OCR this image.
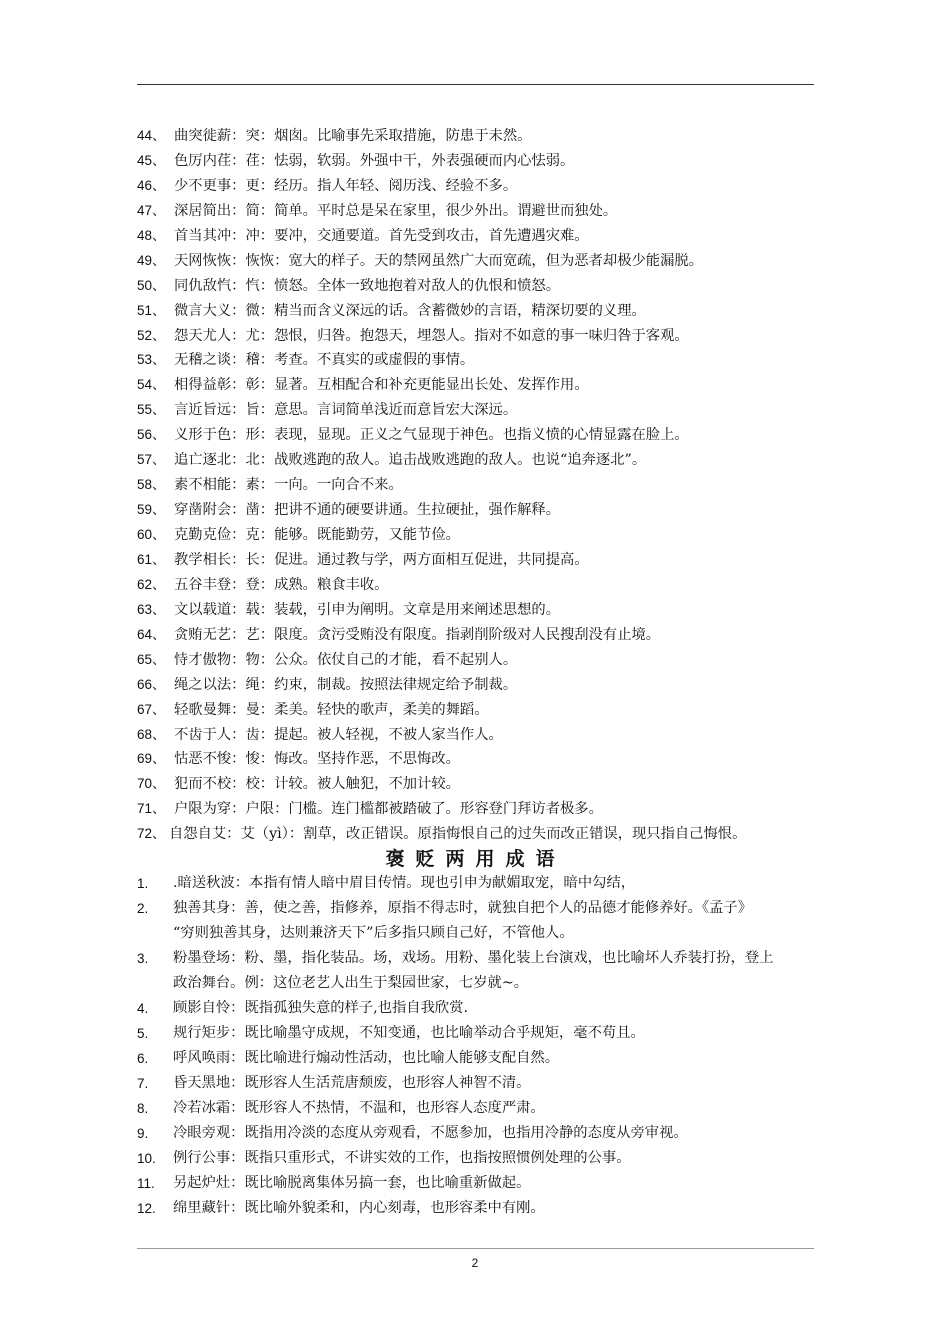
44、 曲突徙薪：突：烟囱。比喻事先采取措施，防患于未然。
45、 色厉内荏：荏：怯弱，软弱。外强中干，外表强硬而内心怯弱。
46、 少不更事：更：经历。指人年轻、阅历浅、经验不多。
47、 深居简出：简：简单。平时总是呆在家里，很少外出。谓避世而独处。
48、 首当其冲：冲：要冲，交通要道。首先受到攻击，首先遭遇灾难。
49、 天网恢恢：恢恢：宽大的样子。天的禁网虽然广大而宽疏，但为恶者却极少能漏脱。
50、 同仇敌忾：忾：愤怒。全体一致地抱着对敌人的仇恨和愤怒。
51、 微言大义：微：精当而含义深远的话。含蓄微妙的言语，精深切要的义理。
52、 怨天尤人：尤：怨恨，归咎。抱怨天，埋怨人。指对不如意的事一味归咎于客观。
53、 无稽之谈：稽：考查。不真实的或虚假的事情。
54、 相得益彰：彰：显著。互相配合和补充更能显出长处、发挥作用。
55、 言近旨远：旨：意思。言词简单浅近而意旨宏大深远。
56、 义形于色：形：表现，显现。正义之气显现于神色。也指义愤的心情显露在脸上。
57、 追亡逐北：北：战败逃跑的敌人。追击战败逃跑的敌人。也说“追奔逐北”。
58、 素不相能：素：一向。一向合不来。
59、 穿凿附会：凿：把讲不通的硬要讲通。生拉硬扯，强作解释。
60、 克勤克俭：克：能够。既能勤劳，又能节俭。
61、 教学相长：长：促进。通过教与学，两方面相互促进，共同提高。
62、 五谷丰登：登：成熟。粮食丰收。
63、 文以载道：载：装载，引申为阐明。文章是用来阐述思想的。
64、 贪贿无艺：艺：限度。贪污受贿没有限度。指剥削阶级对人民搜刮没有止境。
65、 恃才傲物：物：公众。依仗自己的才能，看不起别人。
66、 绳之以法：绳：约束，制裁。按照法律规定给予制裁。
67、 轻歌曼舞：曼：柔美。轻快的歌声，柔美的舞蹈。
68、 不齿于人：齿：提起。被人轻视，不被人家当作人。
69、 怙恶不悛：悛：悔改。坚持作恶，不思悔改。
70、 犯而不校：校：计较。被人触犯，不加计较。
71、 户限为穿：户限：门槛。连门槛都被踏破了。形容登门拜访者极多。
72、 自怨自艾：艾（yì）：割草，改正错误。原指悔恨自己的过失而改正错误，现只指自己悔恨。
褒贬两用成语
1. .暗送秋波：本指有情人暗中眉目传情。现也引申为献媚取宠，暗中勾结，
2. 独善其身：善，使之善，指修养，原指不得志时，就独自把个人的品德才能修养好。《孟子》
“穷则独善其身，达则兼济天下”后多指只顾自己好，不管他人。
3. 粉墨登场：粉、墨，指化装品。场，戏场。用粉、墨化装上台演戏，也比喻坏人乔装打扮，登上
政治舞台。例：这位老艺人出生于梨园世家，七岁就~。
4. 顾影自怜：既指孤独失意的样子,也指自我欣赏.
5. 规行矩步：既比喻墨守成规，不知变通，也比喻举动合乎规矩，毫不苟且。
6. 呼风唤雨：既比喻进行煽动性活动，也比喻人能够支配自然。
7. 昏天黑地：既形容人生活荒唐颓废，也形容人神智不清。
8. 冷若冰霜：既形容人不热情，不温和，也形容人态度严肃。
9. 冷眼旁观：既指用冷淡的态度从旁观看，不愿参加，也指用冷静的态度从旁审视。
10. 例行公事：既指只重形式，不讲实效的工作，也指按照惯例处理的公事。
11. 另起炉灶：既比喻脱离集体另搞一套，也比喻重新做起。
12. 绵里藏针：既比喻外貌柔和，内心刻毒，也形容柔中有刚。
2
